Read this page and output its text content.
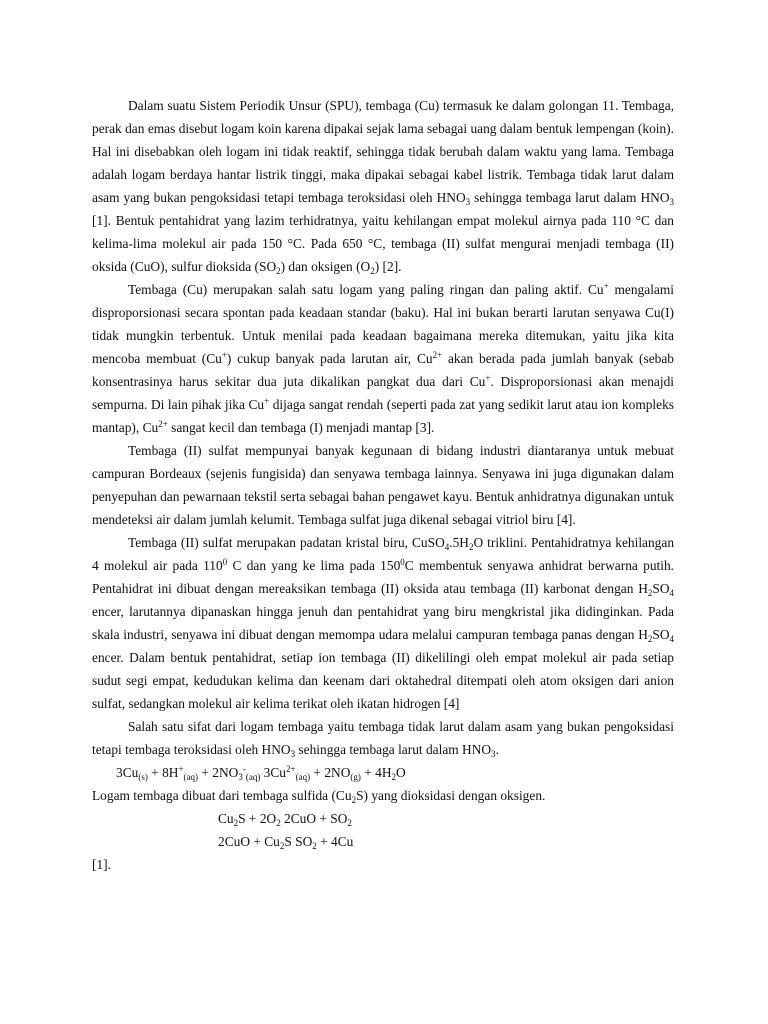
Dalam suatu Sistem Periodik Unsur (SPU), tembaga (Cu) termasuk ke dalam golongan 11. Tembaga, perak dan emas disebut logam koin karena dipakai sejak lama sebagai uang dalam bentuk lempengan (koin). Hal ini disebabkan oleh logam ini tidak reaktif, sehingga tidak berubah dalam waktu yang lama. Tembaga adalah logam berdaya hantar listrik tinggi, maka dipakai sebagai kabel listrik. Tembaga tidak larut dalam asam yang bukan pengoksidasi tetapi tembaga teroksidasi oleh $HNO_3$ sehingga tembaga larut dalam $HNO_3$ [1]. Bentuk pentahidrat yang lazim terhidratnya, yaitu kehilangan empat molekul airnya pada 110 °C dan kelima-lima molekul air pada 150 °C. Pada 650 °C, tembaga (II) sulfat mengurai menjadi tembaga (II) oksida (CuO), sulfur dioksida $(SO_2)$ dan oksigen $(O_2)$ [2].

Tembaga (Cu) merupakan salah satu logam yang paling ringan dan paling aktif. Cu+ mengalami disproporsionasi secara spontan pada keadaan standar (baku). Hal ini bukan berarti larutan senyawa Cu(I) tidak mungkin terbentuk. Untuk menilai pada keadaan bagaimana mereka ditemukan, yaitu jika kita mencoba membuat (Cu+) cukup banyak pada larutan air, $Cu^{2+}$ akan berada pada jumlah banyak (sebab konsentrasinya harus sekitar dua juta dikalikan pangkat dua dari Cu+. Disproporsionasi akan menajdi sempurna. Di lain pihak jika Cu+ dijaga sangat rendah (seperti pada zat yang sedikit larut atau ion kompleks mantap), $Cu^{2+}$ sangat kecil dan tembaga (I) menjadi mantap [3].

Tembaga (II) sulfat mempunyai banyak kegunaan di bidang industri diantaranya untuk mebuat campuran Bordeaux (sejenis fungisida) dan senyawa tembaga lainnya. Senyawa ini juga digunakan dalam penyepuhan dan pewarnaan tekstil serta sebagai bahan pengawet kayu. Bentuk anhidratnya digunakan untuk mendeteksi air dalam jumlah kelumit. Tembaga sulfat juga dikenal sebagai vitriol biru [4].

Tembaga (II) sulfat merupakan padatan kristal biru, $CuSO_4.5H_2O$ triklini. Pentahidratnya kehilangan 4 molekul air pada $110^0$ C dan yang ke lima pada $150^0C$ membentuk senyawa anhidrat berwarna putih. Pentahidrat ini dibuat dengan mereaksikan tembaga (II) oksida atau tembaga (II) karbonat dengan $H_2SO_4$ encer, larutannya dipanaskan hingga jenuh dan pentahidrat yang biru mengkristal jika didinginkan. Pada skala industri, senyawa ini dibuat dengan memompa udara melalui campuran tembaga panas dengan $H_2SO_4$ encer. Dalam bentuk pentahidrat, setiap ion tembaga (II) dikelilingi oleh empat molekul air pada setiap sudut segi empat, kedudukan kelima dan keenam dari oktahedral ditempati oleh atom oksigen dari anion sulfat, sedangkan molekul air kelima terikat oleh ikatan hidrogen [4]

Salah satu sifat dari logam tembaga yaitu tembaga tidak larut dalam asam yang bukan pengoksidasi tetapi tembaga teroksidasi oleh $HNO_3$ sehingga tembaga larut dalam $HNO_3$.

$3Cu_{(s)} + 8H^+_{(aq)} + 2NO_3^-_{(aq)}$ $3Cu^{2+}_{(aq)} + 2NO_{(g)} + 4H_2O$

Logam tembaga dibuat dari tembaga sulfida $(Cu_2S)$ yang dioksidasi dengan oksigen.

$Cu_2S + 2O_2$ $2CuO + SO_2$

$2CuO + Cu_2S$ $SO_2 + 4Cu$

[1].
